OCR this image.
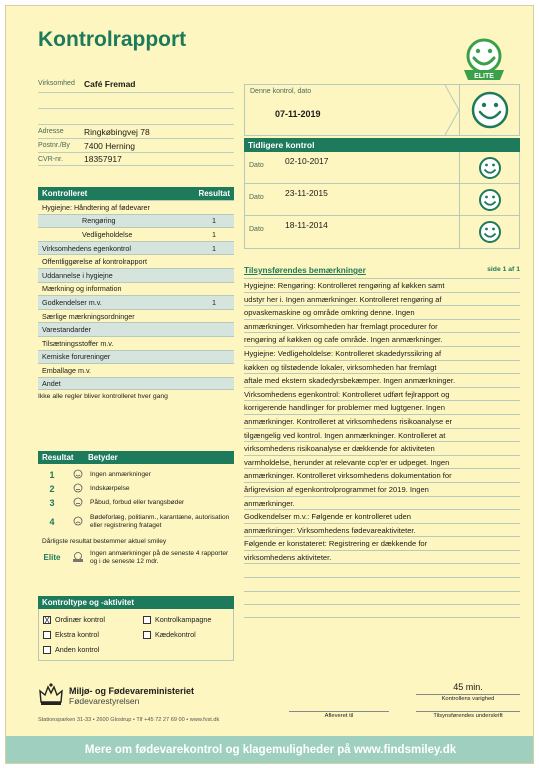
Kontrolrapport
ELITE
Virksomhed	Café Fremad
Adresse	Ringkøbingvej 78
Postnr./By	7400 Herning
CVR-nr.	18357917
Denne kontrol, dato
07-11-2019
Tidligere kontrol
Dato 02-10-2017
Dato 23-11-2015
Dato 18-11-2014
Kontrolleret	Resultat
Hygiejne: Håndtering af fødevarer
Rengøring	1
Vedligeholdelse	1
Virksomhedens egenkontrol	1
Offentliggørelse af kontrolrapport
Uddannelse i hygiejne
Mærkning og information
Godkendelser m.v.	1
Særlige mærkningsordninger
Varestandarder
Tilsætningsstoffer m.v.
Kemiske forureninger
Emballage m.v.
Andet
Ikke alle regler bliver kontrolleret hver gang
Resultat	Betyder
1	Ingen anmærkninger
2	Indskærpelse
3	Påbud, forbud eller tvangsbøder
4	Bødeforlæg, politianm., karantæne, autorisation eller registrering frataget
Dårligste resultat bestemmer aktuel smiley
Elite	Ingen anmærkninger på de seneste 4 rapporter og i de seneste 12 mdr.
Kontroltype og -aktivitet
X Ordinær kontrol	Kontrolkampagne
Ekstra kontrol	Kædekontrol
Anden kontrol
Tilsynsførendes bemærkninger	side 1 af 1
Hygiejne: Rengøring: Kontrolleret rengøring af køkken samt
udstyr her i. Ingen anmærkninger. Kontrolleret rengøring af
opvaskemaskine og område omkring denne. Ingen
anmærkninger. Virksomheden har fremlagt procedurer for
rengøring af køkken og cafe område. Ingen anmærkninger.
Hygiejne: Vedligeholdelse: Kontrolleret skadedyrssikring af
køkken og tilstødende lokaler, virksomheden har fremlagt
aftale med ekstern skadedyrsbekæmper. Ingen anmærkninger.
Virksomhedens egenkontrol: Kontrolleret udført fejlrapport og
korrigerende handlinger for problemer med lugtgener. Ingen
anmærkninger. Kontrolleret at virksomhedens risikoanalyse er
tilgængelig ved kontrol. Ingen anmærkninger. Kontrolleret at
virksomhedens risikoanalyse er dækkende for aktiviteten
varmholdelse, herunder at relevante ccp'er er udpeget. Ingen
anmærkninger. Kontrolleret virksomhedens dokumentation for
årligrevision af egenkontrolprogrammet for 2019. Ingen
anmærkninger.
Godkendelser m.v.: Følgende er kontrolleret uden
anmærkninger: Virksomhedens fødevareaktiviteter.
Følgende er konstateret: Registrering er dækkende for
virksomhedens aktiviteter.
45 min.
Kontrollens varighed
Miljø- og Fødevareministeriet
Fødevarestyrelsen
Stationsparken 31-33 • 2600 Glostrup • Tlf +45 72 27 69 00 • www.fvst.dk
Afleveret til	Tilsynsførendes underskrift
Mere om fødevarekontrol og klagemuligheder på www.findsmiley.dk
